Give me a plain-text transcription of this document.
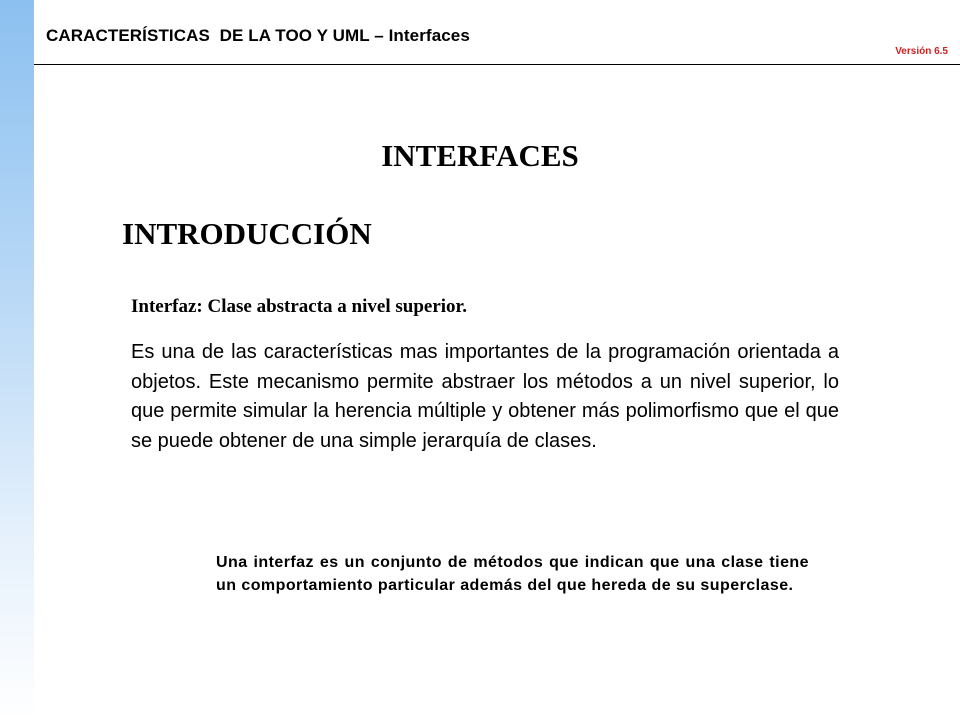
CARACTERÍSTICAS  DE LA TOO Y UML – Interfaces
Versión 6.5
INTERFACES
INTRODUCCIÓN
Interfaz: Clase abstracta a nivel superior.
Es una de las características mas importantes de la programación orientada a objetos. Este mecanismo permite abstraer los métodos a un nivel superior, lo que permite simular la herencia múltiple y obtener más polimorfismo que el que se puede obtener de una simple jerarquía de clases.
Una interfaz es un conjunto de métodos que indican que una clase tiene un comportamiento particular además del que hereda de su superclase.
